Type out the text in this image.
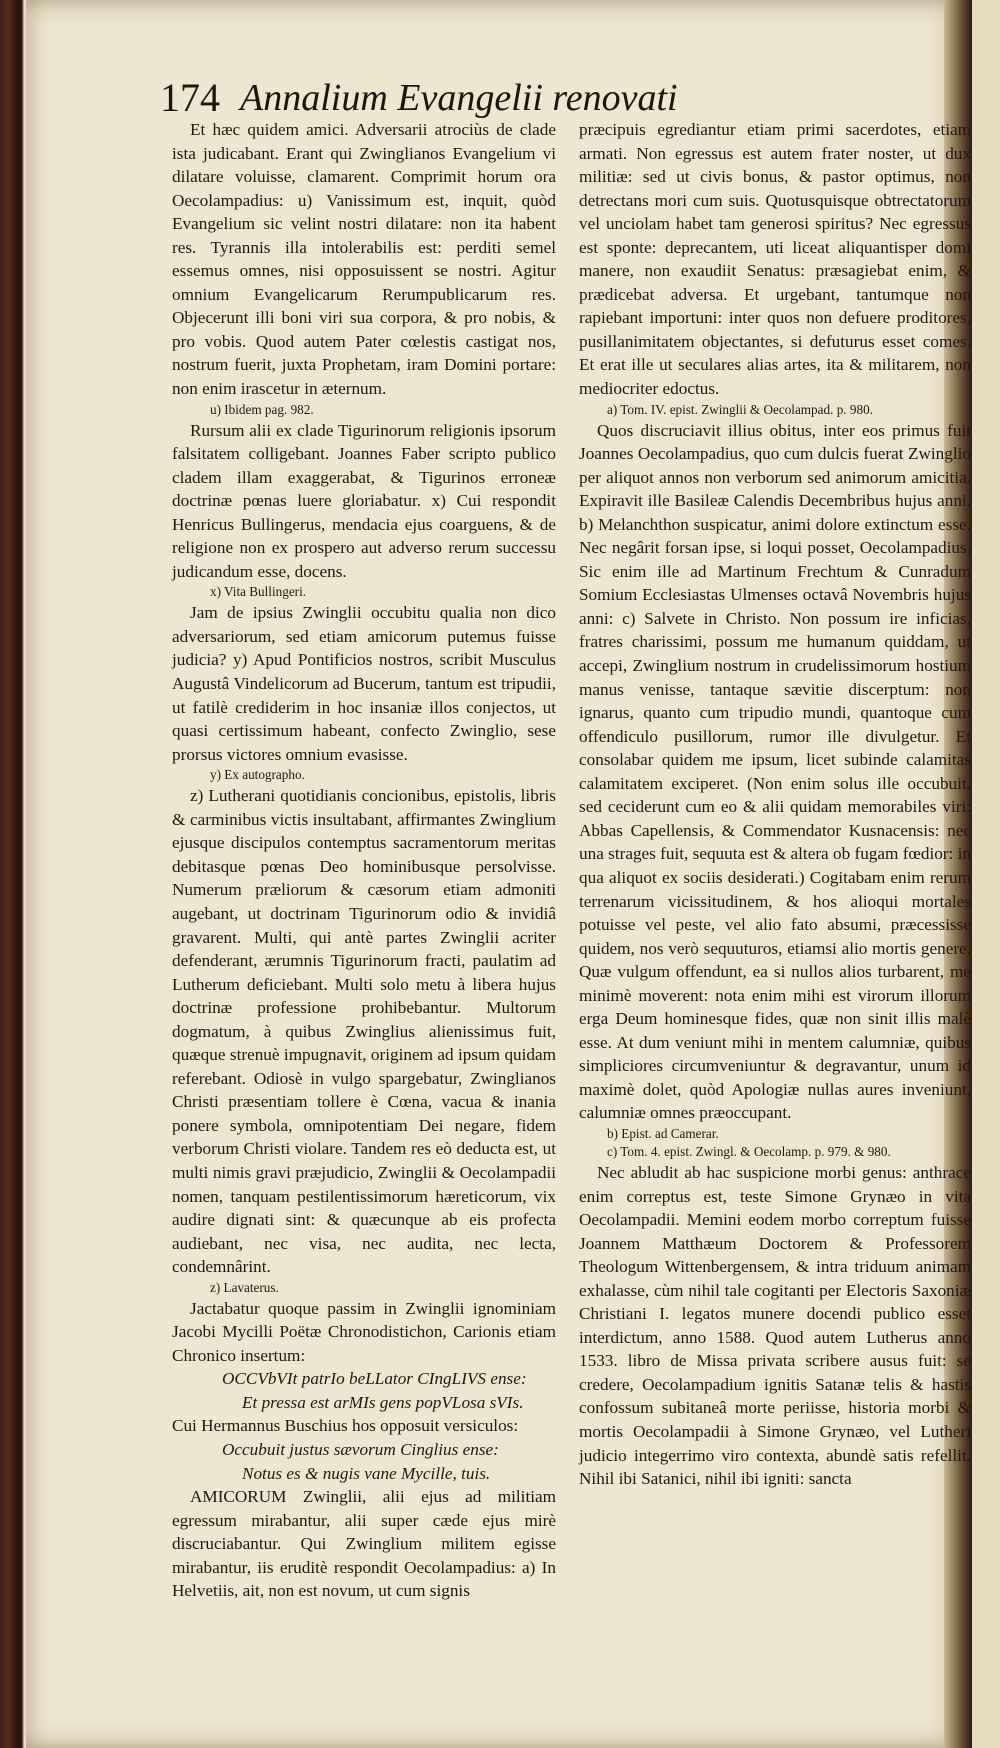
174 Annalium Evangelii renovati

Et hæc quidem amici. Adversarii atrociùs de clade ista judicabant. Erant qui Zwinglianos Evangelium vi dilatare voluisse, clamarent. Comprimit horum ora Oecolampadius: u) Vanissimum est, inquit, quòd Evangelium sic velint nostri dilatare: non ita habent res. Tyrannis illa intolerabilis est: perditi semel essemus omnes, nisi opposuissent se nostri. Agitur omnium Evangelicarum Rerumpublicarum res. Objecerunt illi boni viri sua corpora, & pro nobis, & pro vobis. Quod autem Pater cœlestis castigat nos, nostrum fuerit, juxta Prophetam, iram Domini portare: non enim irascetur in æternum.

u) Ibidem pag. 982.

Rursum alii ex clade Tigurinorum religionis ipsorum falsitatem colligebant. Joannes Faber scripto publico cladem illam exaggerabat, & Tigurinos erroneæ doctrinæ pœnas luere gloriabatur. x) Cui respondit Henricus Bullingerus, mendacia ejus coarguens, & de religione non ex prospero aut adverso rerum successu judicandum esse, docens.

x) Vita Bullingeri.

Jam de ipsius Zwinglii occubitu qualia non dico adversariorum, sed etiam amicorum putemus fuisse judicia? y) Apud Pontificios nostros, scribit Musculus Augustâ Vindelicorum ad Bucerum, tantum est tripudii, ut fatilè crediderim in hoc insaniæ illos conjectos, ut quasi certissimum habeant, confecto Zwinglio, sese prorsus victores omnium evasisse.

y) Ex autographo.

z) Lutherani quotidianis concionibus, epistolis, libris & carminibus victis insultabant, affirmantes Zwinglium ejusque discipulos contemptus sacramentorum meritas debitasque pœnas Deo hominibusque persolvisse. Numerum præliorum & cæsorum etiam admoniti augebant, ut doctrinam Tigurinorum odio & invidiâ gravarent. Multi, qui antè partes Zwinglii acriter defenderant, ærumnis Tigurinorum fracti, paulatim ad Lutherum deficiebant. Multi solo metu à libera hujus doctrinæ professione prohibebantur. Multorum dogmatum, à quibus Zwinglius alienissimus fuit, quæque strenuè impugnavit, originem ad ipsum quidam referebant. Odiosè in vulgo spargebatur, Zwinglianos Christi præsentiam tollere è Cœna, vacua & inania ponere symbola, omnipotentiam Dei negare, fidem verborum Christi violare. Tandem res eò deducta est, ut multi nimis gravi præjudicio, Zwinglii & Oecolampadii nomen, tanquam pestilentissimorum hæreticorum, vix audire dignati sint: & quæcunque ab eis profecta audiebant, nec visa, nec audita, nec lecta, condemnârint.

z) Lavaterus.

Jactabatur quoque passim in Zwinglii ignominiam Jacobi Mycilli Poëtæ Chronodistichon, Carionis etiam Chronico insertum:

OCCVbVIt patrIo beLLator CIngLIVS ense:

Et pressa est arMIs gens popVLosa sVIs.

Cui Hermannus Buschius hos opposuit versiculos:

Occubuit justus sævorum Cinglius ense:

Notus es & nugis vane Mycille, tuis.

AMICORUM Zwinglii, alii ejus ad militiam egressum mirabantur, alii super cæde ejus mirè discruciabantur. Qui Zwinglium militem egisse mirabantur, iis eruditè respondit Oecolampadius: a) In Helvetiis, ait, non est novum, ut cum signis

præcipuis egrediantur etiam primi sacerdotes, etiam armati. Non egressus est autem frater noster, ut dux militiæ: sed ut civis bonus, & pastor optimus, non detrectans mori cum suis. Quotusquisque obtrectatorum vel unciolam habet tam generosi spiritus? Nec egressus est sponte: deprecantem, uti liceat aliquantisper domi manere, non exaudiit Senatus: præsagiebat enim, & prædicebat adversa. Et urgebant, tantumque non rapiebant importuni: inter quos non defuere proditores, pusillanimitatem objectantes, si defuturus esset comes. Et erat ille ut seculares alias artes, ita & militarem, non mediocriter edoctus.

a) Tom. IV. epist. Zwinglii & Oecolampad. p. 980.

Quos discruciavit illius obitus, inter eos primus fuit Joannes Oecolampadius, quo cum dulcis fuerat Zwinglio per aliquot annos non verborum sed animorum amicitia. Expiravit ille Basileæ Calendis Decembribus hujus anni. b) Melanchthon suspicatur, animi dolore extinctum esse. Nec negârit forsan ipse, si loqui posset, Oecolampadius. Sic enim ille ad Martinum Frechtum & Cunradum Somium Ecclesiastas Ulmenses octavâ Novembris hujus anni: c) Salvete in Christo. Non possum ire inficias, fratres charissimi, possum me humanum quiddam, ut accepi, Zwinglium nostrum in crudelissimorum hostium manus venisse, tantaque sævitie discerptum: non ignarus, quanto cum tripudio mundi, quantoque cum offendiculo pusillorum, rumor ille divulgetur. Et consolabar quidem me ipsum, licet subinde calamitas calamitatem exciperet. (Non enim solus ille occubuit, sed ceciderunt cum eo & alii quidam memorabiles viri: Abbas Capellensis, & Commendator Kusnacensis: nec una strages fuit, sequuta est & altera ob fugam fœdior: in qua aliquot ex sociis desiderati.) Cogitabam enim rerum terrenarum vicissitudinem, & hos alioqui mortales potuisse vel peste, vel alio fato absumi, præcessisse quidem, nos verò sequuturos, etiamsi alio mortis genere. Quæ vulgum offendunt, ea si nullos alios turbarent, me minimè moverent: nota enim mihi est virorum illorum erga Deum hominesque fides, quæ non sinit illis malè esse. At dum veniunt mihi in mentem calumniæ, quibus simpliciores circumveniuntur & degravantur, unum id maximè dolet, quòd Apologiæ nullas aures inveniunt, calumniæ omnes præoccupant.

b) Epist. ad Camerar.

c) Tom. 4. epist. Zwingl. & Oecolamp. p. 979. & 980.

Nec abludit ab hac suspicione morbi genus: anthrace enim correptus est, teste Simone Grynæo in vita Oecolampadii. Memini eodem morbo correptum fuisse Joannem Matthæum Doctorem & Professorem Theologum Wittenbergensem, & intra triduum animam exhalasse, cùm nihil tale cogitanti per Electoris Saxoniæ Christiani I. legatos munere docendi publico esset interdictum, anno 1588. Quod autem Lutherus anno 1533. libro de Missa privata scribere ausus fuit: se credere, Oecolampadium ignitis Satanæ telis & hastis confossum subitaneâ morte periisse, historia morbi & mortis Oecolampadii à Simone Grynæo, vel Lutheri judicio integerrimo viro contexta, abundè satis refellit. Nihil ibi Satanici, nihil ibi igniti: sancta
